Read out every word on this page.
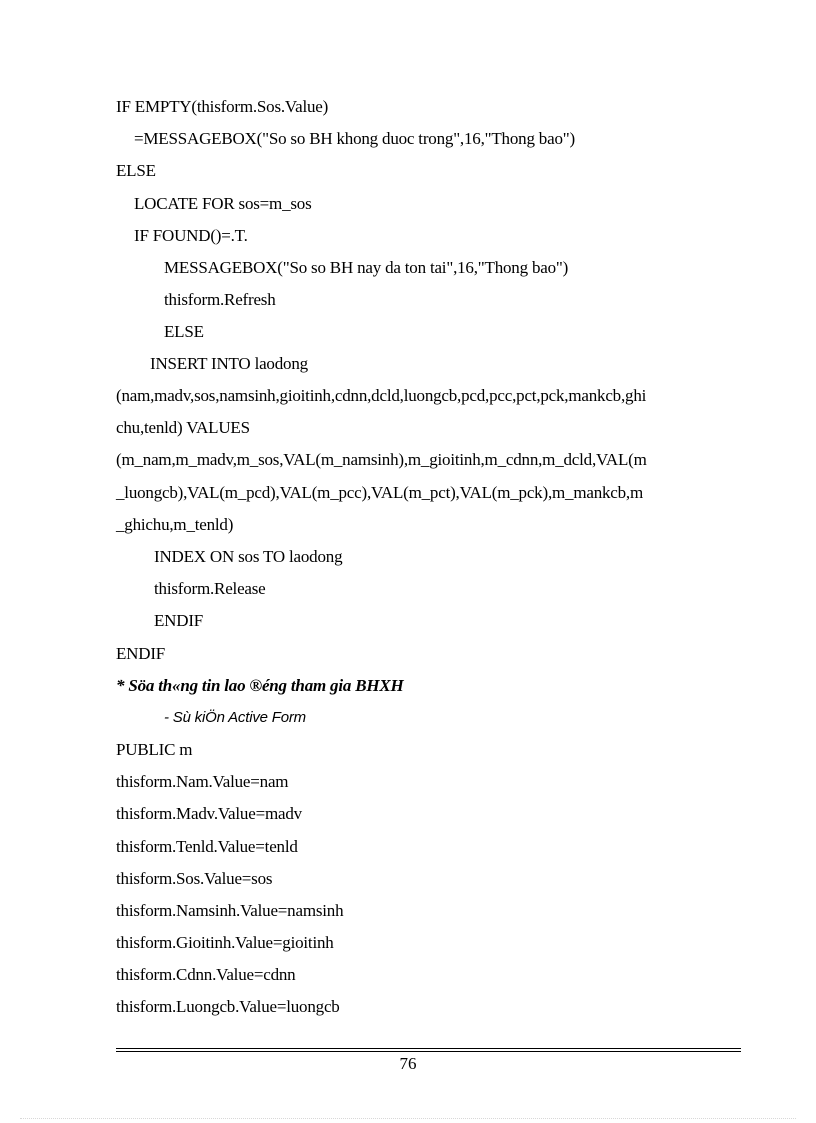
IF EMPTY(thisform.Sos.Value)
=MESSAGEBOX("So so BH khong duoc trong",16,"Thong bao")
ELSE
LOCATE FOR sos=m_sos
IF FOUND()=.T.
MESSAGEBOX("So so BH nay da ton tai",16,"Thong bao")
thisform.Refresh
ELSE
INSERT INTO laodong
(nam,madv,sos,namsinh,gioitinh,cdnn,dcld,luongcb,pcd,pcc,pct,pck,mankcb,ghi
chu,tenld) VALUES
(m_nam,m_madv,m_sos,VAL(m_namsinh),m_gioitinh,m_cdnn,m_dcld,VAL(m
_luongcb),VAL(m_pcd),VAL(m_pcc),VAL(m_pct),VAL(m_pck),m_mankcb,m
_ghichu,m_tenld)
INDEX ON sos TO laodong
thisform.Release
ENDIF
ENDIF
* Söa th«ng tin lao ®éng tham gia BHXH
- Sù kiÖn Active Form
PUBLIC m
thisform.Nam.Value=nam
thisform.Madv.Value=madv
thisform.Tenld.Value=tenld
thisform.Sos.Value=sos
thisform.Namsinh.Value=namsinh
thisform.Gioitinh.Value=gioitinh
thisform.Cdnn.Value=cdnn
thisform.Luongcb.Value=luongcb
76
